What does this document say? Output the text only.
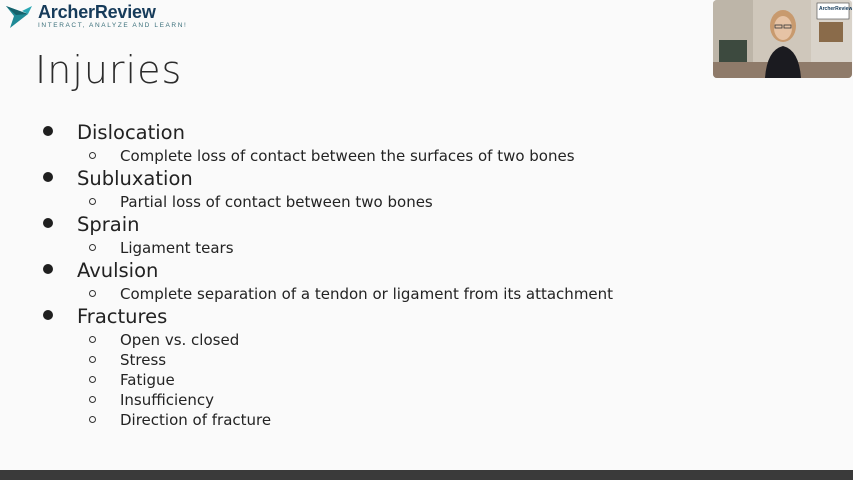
ArcherReview
INTERACT, ANALYZE AND LEARN!
Injuries
Dislocation
Complete loss of contact between the surfaces of two bones
Subluxation
Partial loss of contact between two bones
Sprain
Ligament tears
Avulsion
Complete separation of a tendon or ligament from its attachment
Fractures
Open vs. closed
Stress
Fatigue
Insufficiency
Direction of fracture
ArcherReview
